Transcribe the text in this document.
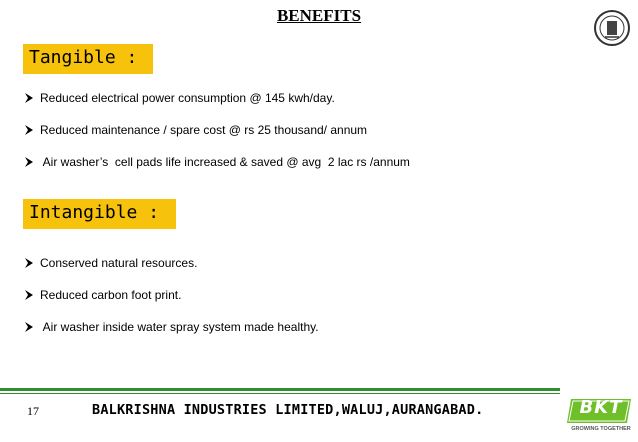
BENEFITS
Tangible :
Reduced electrical power consumption @ 145 kwh/day.
Reduced maintenance / spare cost @ rs 25 thousand/ annum
Air washer’s  cell pads life increased & saved @ avg  2 lac rs /annum
Intangible :
Conserved natural resources.
Reduced carbon foot print.
Air washer inside water spray system made healthy.
17	BALKRISHNA INDUSTRIES LIMITED,WALUJ,AURANGABAD.	BKT
GROWING TOGETHER
